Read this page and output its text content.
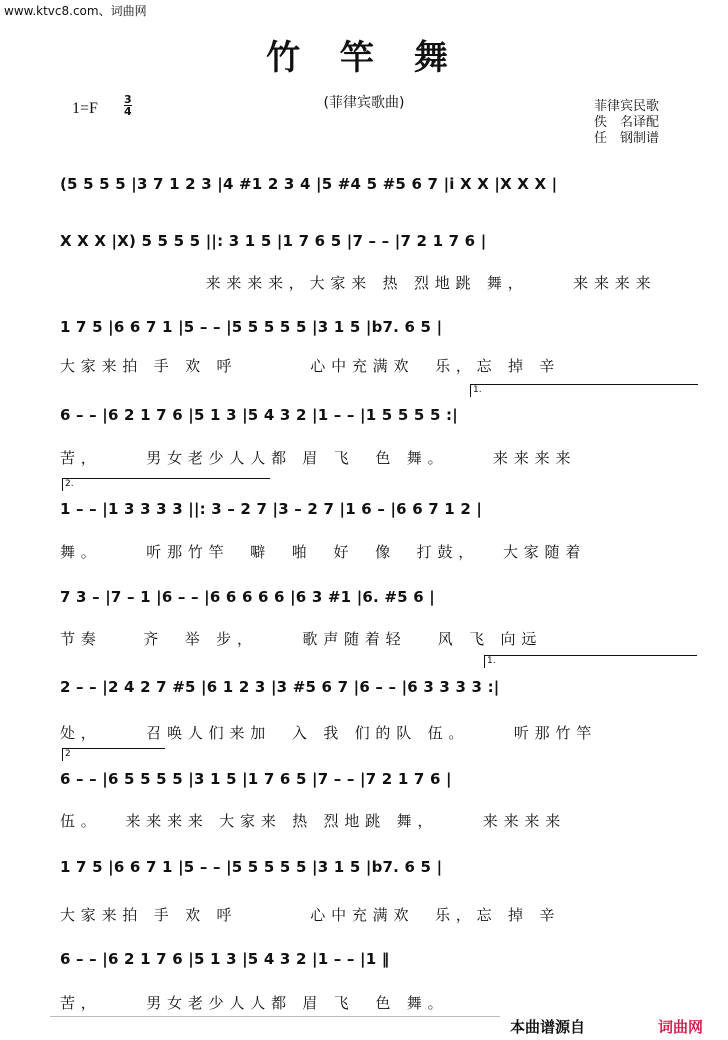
www.ktvc8.com、词曲网
竹 竿 舞
(菲律宾歌曲)
1=F
3
4	菲律宾民歌
佚　名译配
任　钢制谱
(5 5 5 5 |3 7 1 2 3 |4 #1 2 3 4 |5 #4 5 #5 6 7 |i X X |X X X |
X X X |X) 5 5 5 5 ||: 3 1 5 |1 7 6 5 |7 – – |7 2 1 7 6 |
　　　　　　　来来来来，大家来 热 烈地跳 舞，　　 来来来来
1 7 5 |6 6 7 1 |5 – – |5 5 5 5 5 |3 1 5 |b7. 6 5 |
大家来拍 手 欢 呼　　　 心中充满欢　乐，忘 掉 辛
1.
6 – – |6 2 1 7 6 |5 1 3 |5 4 3 2 |1 – – |1 5 5 5 5 :|
苦，　　 男女老少人人都 眉 飞　色 舞。　　 来来来来
2.
1 – – |1 3 3 3 3 ||: 3 – 2 7 |3 – 2 7 |1 6 – |6 6 7 1 2 |
舞。　　 听那竹竿　噼　啪　好　像　打鼓，　 大家随着
7 3 – |7 – 1 |6 – – |6 6 6 6 6 |6 3 #1 |6. #5 6 |
节奏　　齐　举 步，　　 歌声随着轻　 风 飞 向远
1.
2 – – |2 4 2 7 #5 |6 1 2 3 |3 #5 6 7 |6 – – |6 3 3 3 3 :|
处，　　 召唤人们来加　入 我 们的队 伍。　　 听那竹竿
2
6 – – |6 5 5 5 5 |3 1 5 |1 7 6 5 |7 – – |7 2 1 7 6 |
伍。　 来来来来 大家来 热 烈地跳 舞，　　 来来来来
1 7 5 |6 6 7 1 |5 – – |5 5 5 5 5 |3 1 5 |b7. 6 5 |
大家来拍 手 欢 呼　　　 心中充满欢　乐，忘 掉 辛
6 – – |6 2 1 7 6 |5 1 3 |5 4 3 2 |1 – – |1 ‖
苦，　　 男女老少人人都 眉 飞　色 舞。
本曲谱源自	词曲网
